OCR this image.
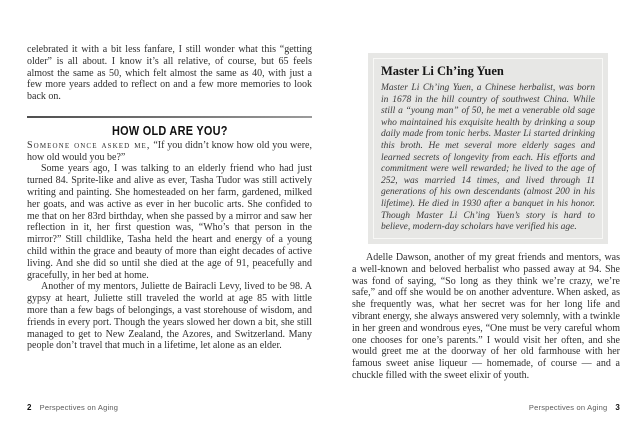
celebrated it with a bit less fanfare, I still wonder what this “getting older” is all about. I know it’s all relative, of course, but 65 feels almost the same as 50, which felt almost the same as 40, with just a few more years added to reflect on and a few more memories to look back on.

HOW OLD ARE YOU?

Someone once asked me, “If you didn’t know how old you were, how old would you be?”

Some years ago, I was talking to an elderly friend who had just turned 84. Sprite-like and alive as ever, Tasha Tudor was still actively writing and painting. She homesteaded on her farm, gardened, milked her goats, and was active as ever in her bucolic arts. She confided to me that on her 83rd birthday, when she passed by a mirror and saw her reflection in it, her first question was, “Who’s that person in the mirror?” Still childlike, Tasha held the heart and energy of a young child within the grace and beauty of more than eight decades of active living. And she did so until she died at the age of 91, peacefully and gracefully, in her bed at home.

Another of my mentors, Juliette de Bairacli Levy, lived to be 98. A gypsy at heart, Juliette still traveled the world at age 85 with little more than a few bags of belongings, a vast storehouse of wisdom, and friends in every port. Though the years slowed her down a bit, she still managed to get to New Zealand, the Azores, and Switzerland. Many people don’t travel that much in a lifetime, let alone as an elder.

Master Li Ch’ing Yuen

Master Li Ch’ing Yuen, a Chinese herbalist, was born in 1678 in the hill country of southwest China. While still a “young man” of 50, he met a venerable old sage who maintained his exquisite health by drinking a soup daily made from tonic herbs. Master Li started drinking this broth. He met several more elderly sages and learned secrets of longevity from each. His efforts and commitment were well rewarded; he lived to the age of 252, was married 14 times, and lived through 11 generations of his own descendants (almost 200 in his lifetime). He died in 1930 after a banquet in his honor. Though Master Li Ch’ing Yuen’s story is hard to believe, modern-day scholars have verified his age.

Adelle Dawson, another of my great friends and mentors, was a well-known and beloved herbalist who passed away at 94. She was fond of saying, “So long as they think we’re crazy, we’re safe,” and off she would be on another adventure. When asked, as she frequently was, what her secret was for her long life and vibrant energy, she always answered very solemnly, with a twinkle in her green and wondrous eyes, “One must be very careful whom one chooses for one’s parents.” I would visit her often, and she would greet me at the doorway of her old farmhouse with her famous sweet anise liqueur — homemade, of course — and a chuckle filled with the sweet elixir of youth.

2 Perspectives on Aging	Perspectives on Aging 3
